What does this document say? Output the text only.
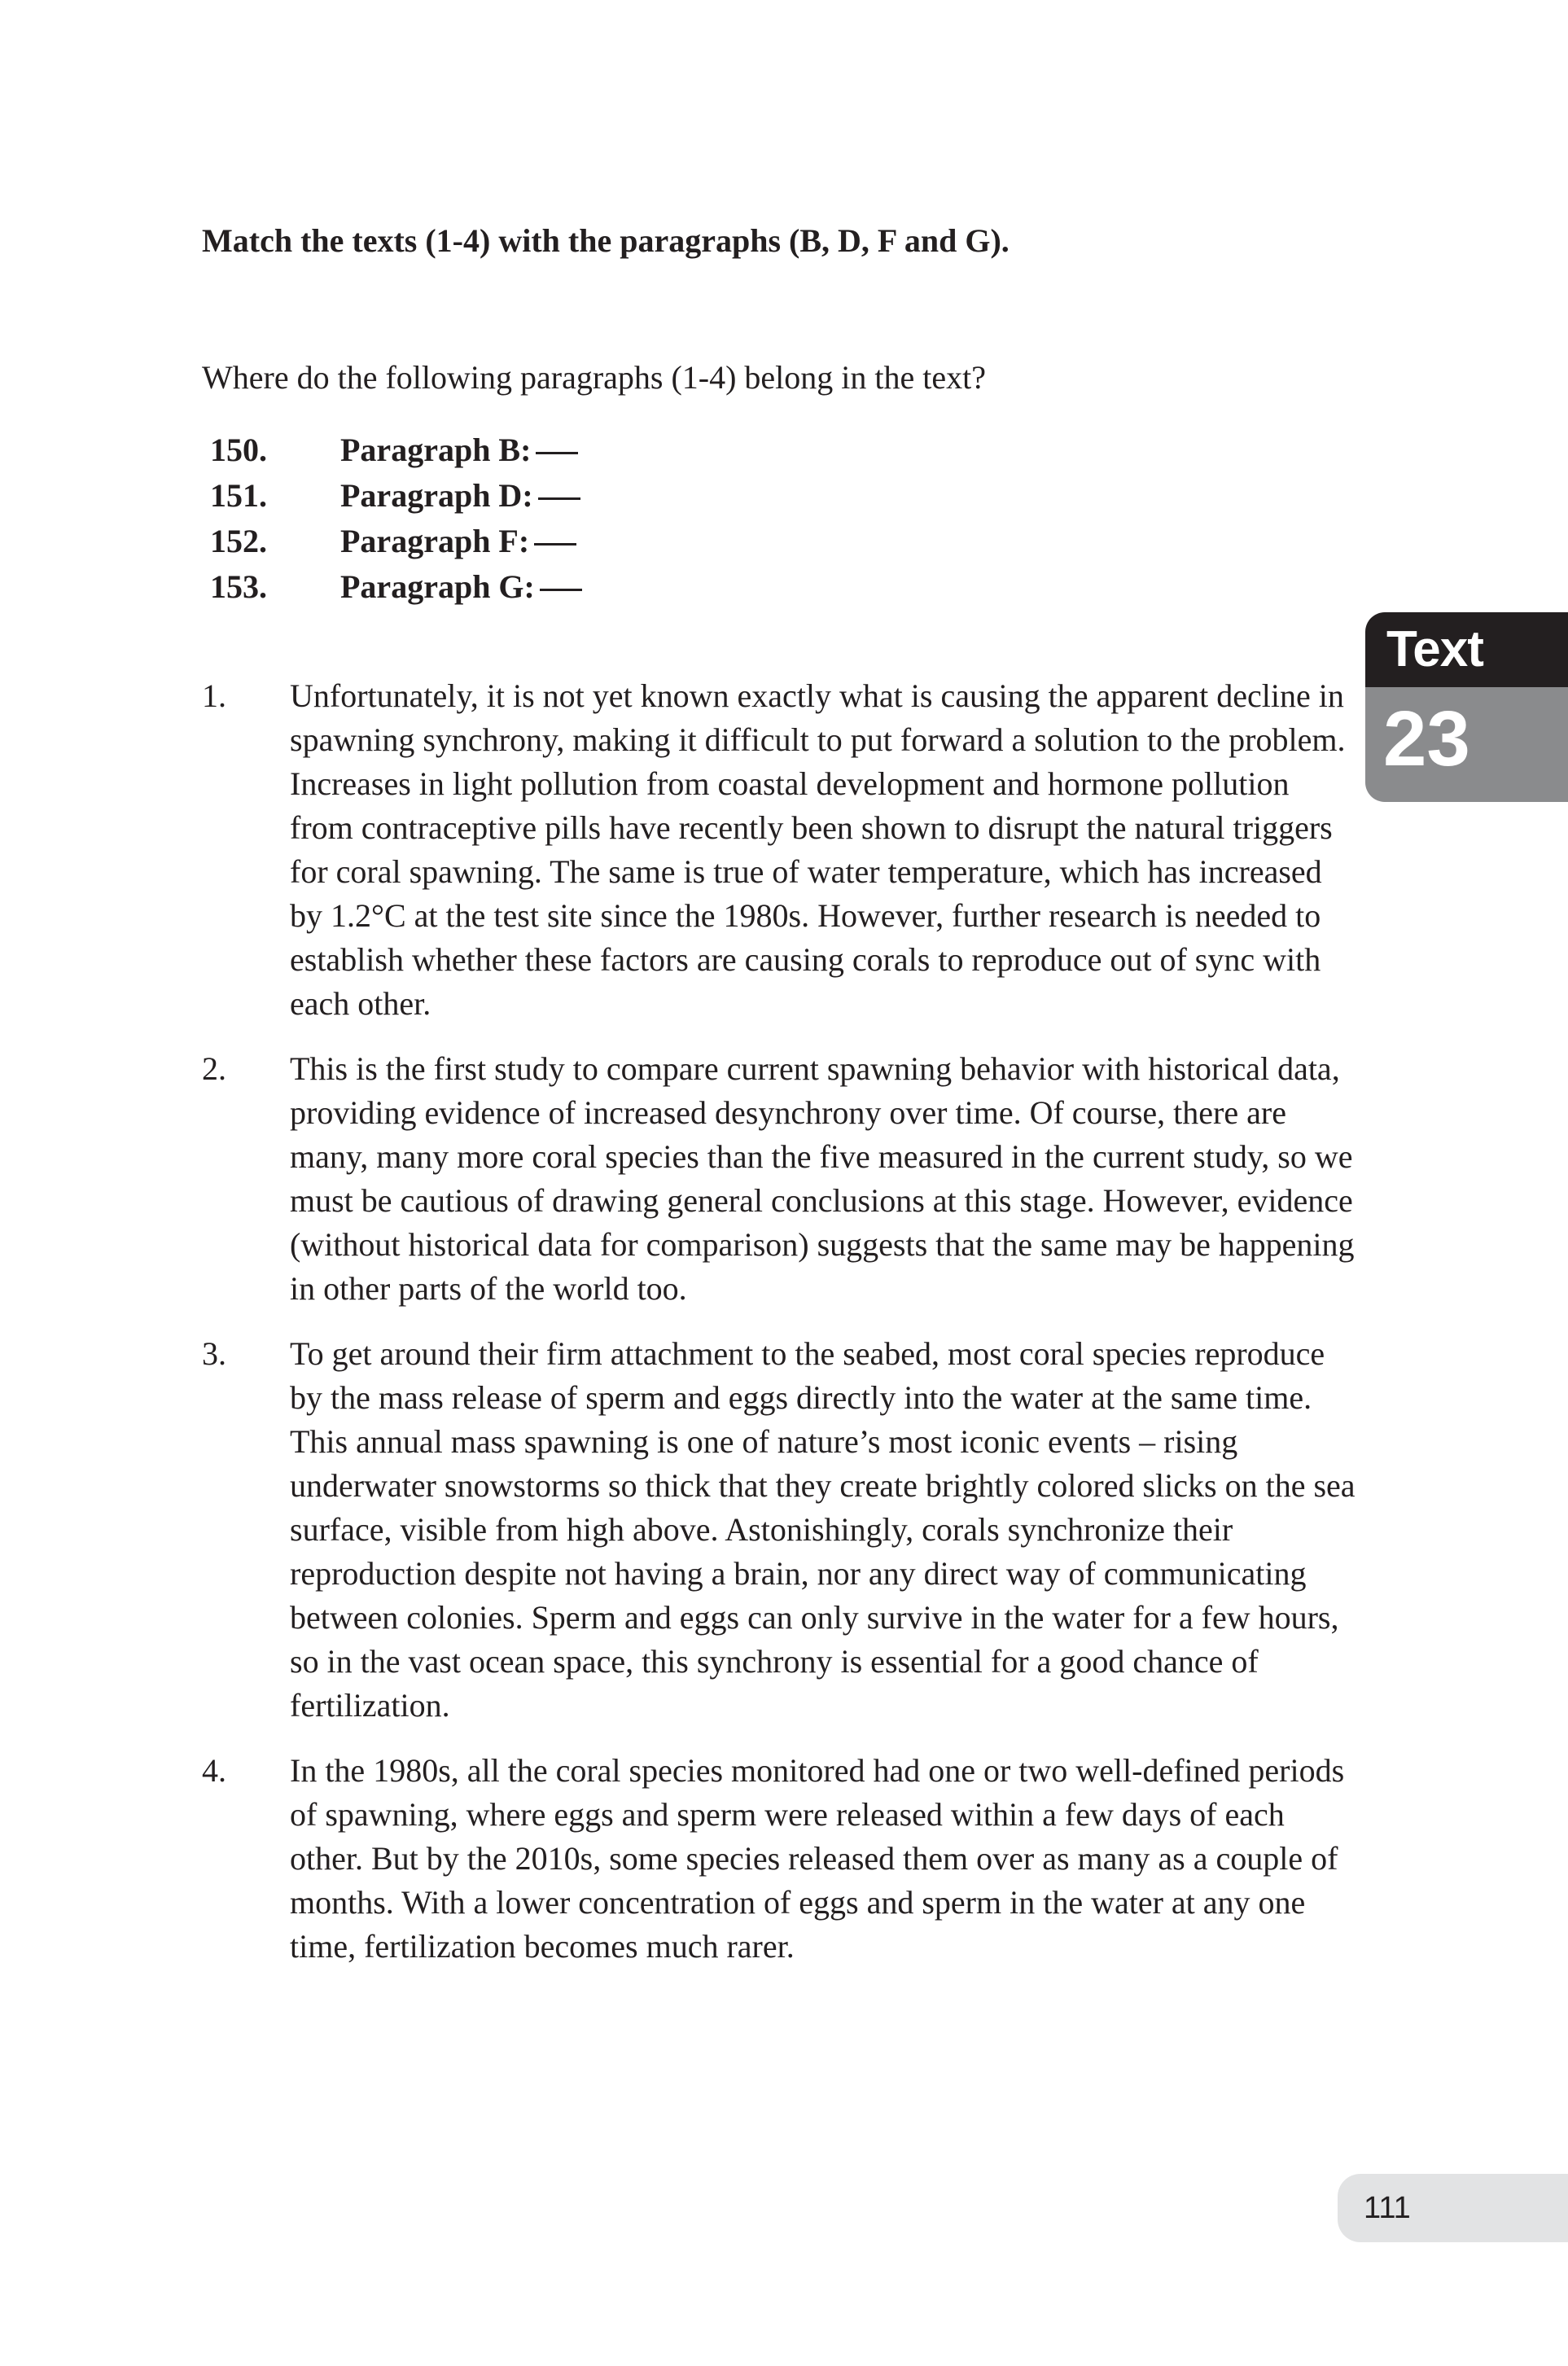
Match the texts (1-4) with the paragraphs (B, D, F and G).

Where do the following paragraphs (1-4) belong in the text?

150.	Paragraph B:
151.	Paragraph D:
152.	Paragraph F:
153.	Paragraph G:
1.	Unfortunately, it is not yet known exactly what is causing the apparent decline in spawning synchrony, making it difficult to put forward a solution to the problem. Increases in light pollution from coastal development and hormone pollution from contraceptive pills have recently been shown to disrupt the natural triggers for coral spawning. The same is true of water temperature, which has increased by 1.2°C at the test site since the 1980s. However, further research is needed to establish whether these factors are causing corals to reproduce out of sync with each other.
2.	This is the first study to compare current spawning behavior with historical data, providing evidence of increased desynchrony over time. Of course, there are many, many more coral species than the five measured in the current study, so we must be cautious of drawing general conclusions at this stage. However, evidence (without historical data for comparison) suggests that the same may be happening in other parts of the world too.
3.	To get around their firm attachment to the seabed, most coral species reproduce by the mass release of sperm and eggs directly into the water at the same time. This annual mass spawning is one of nature’s most iconic events – rising underwater snowstorms so thick that they create brightly colored slicks on the sea surface, visible from high above. Astonishingly, corals synchronize their reproduction despite not having a brain, nor any direct way of communicating between colonies. Sperm and eggs can only survive in the water for a few hours, so in the vast ocean space, this synchrony is essential for a good chance of fertilization.
4.	In the 1980s, all the coral species monitored had one or two well-defined periods of spawning, where eggs and sperm were released within a few days of each other. But by the 2010s, some species released them over as many as a couple of months. With a lower concentration of eggs and sperm in the water at any one time, fertilization becomes much rarer.
Text
23
111
